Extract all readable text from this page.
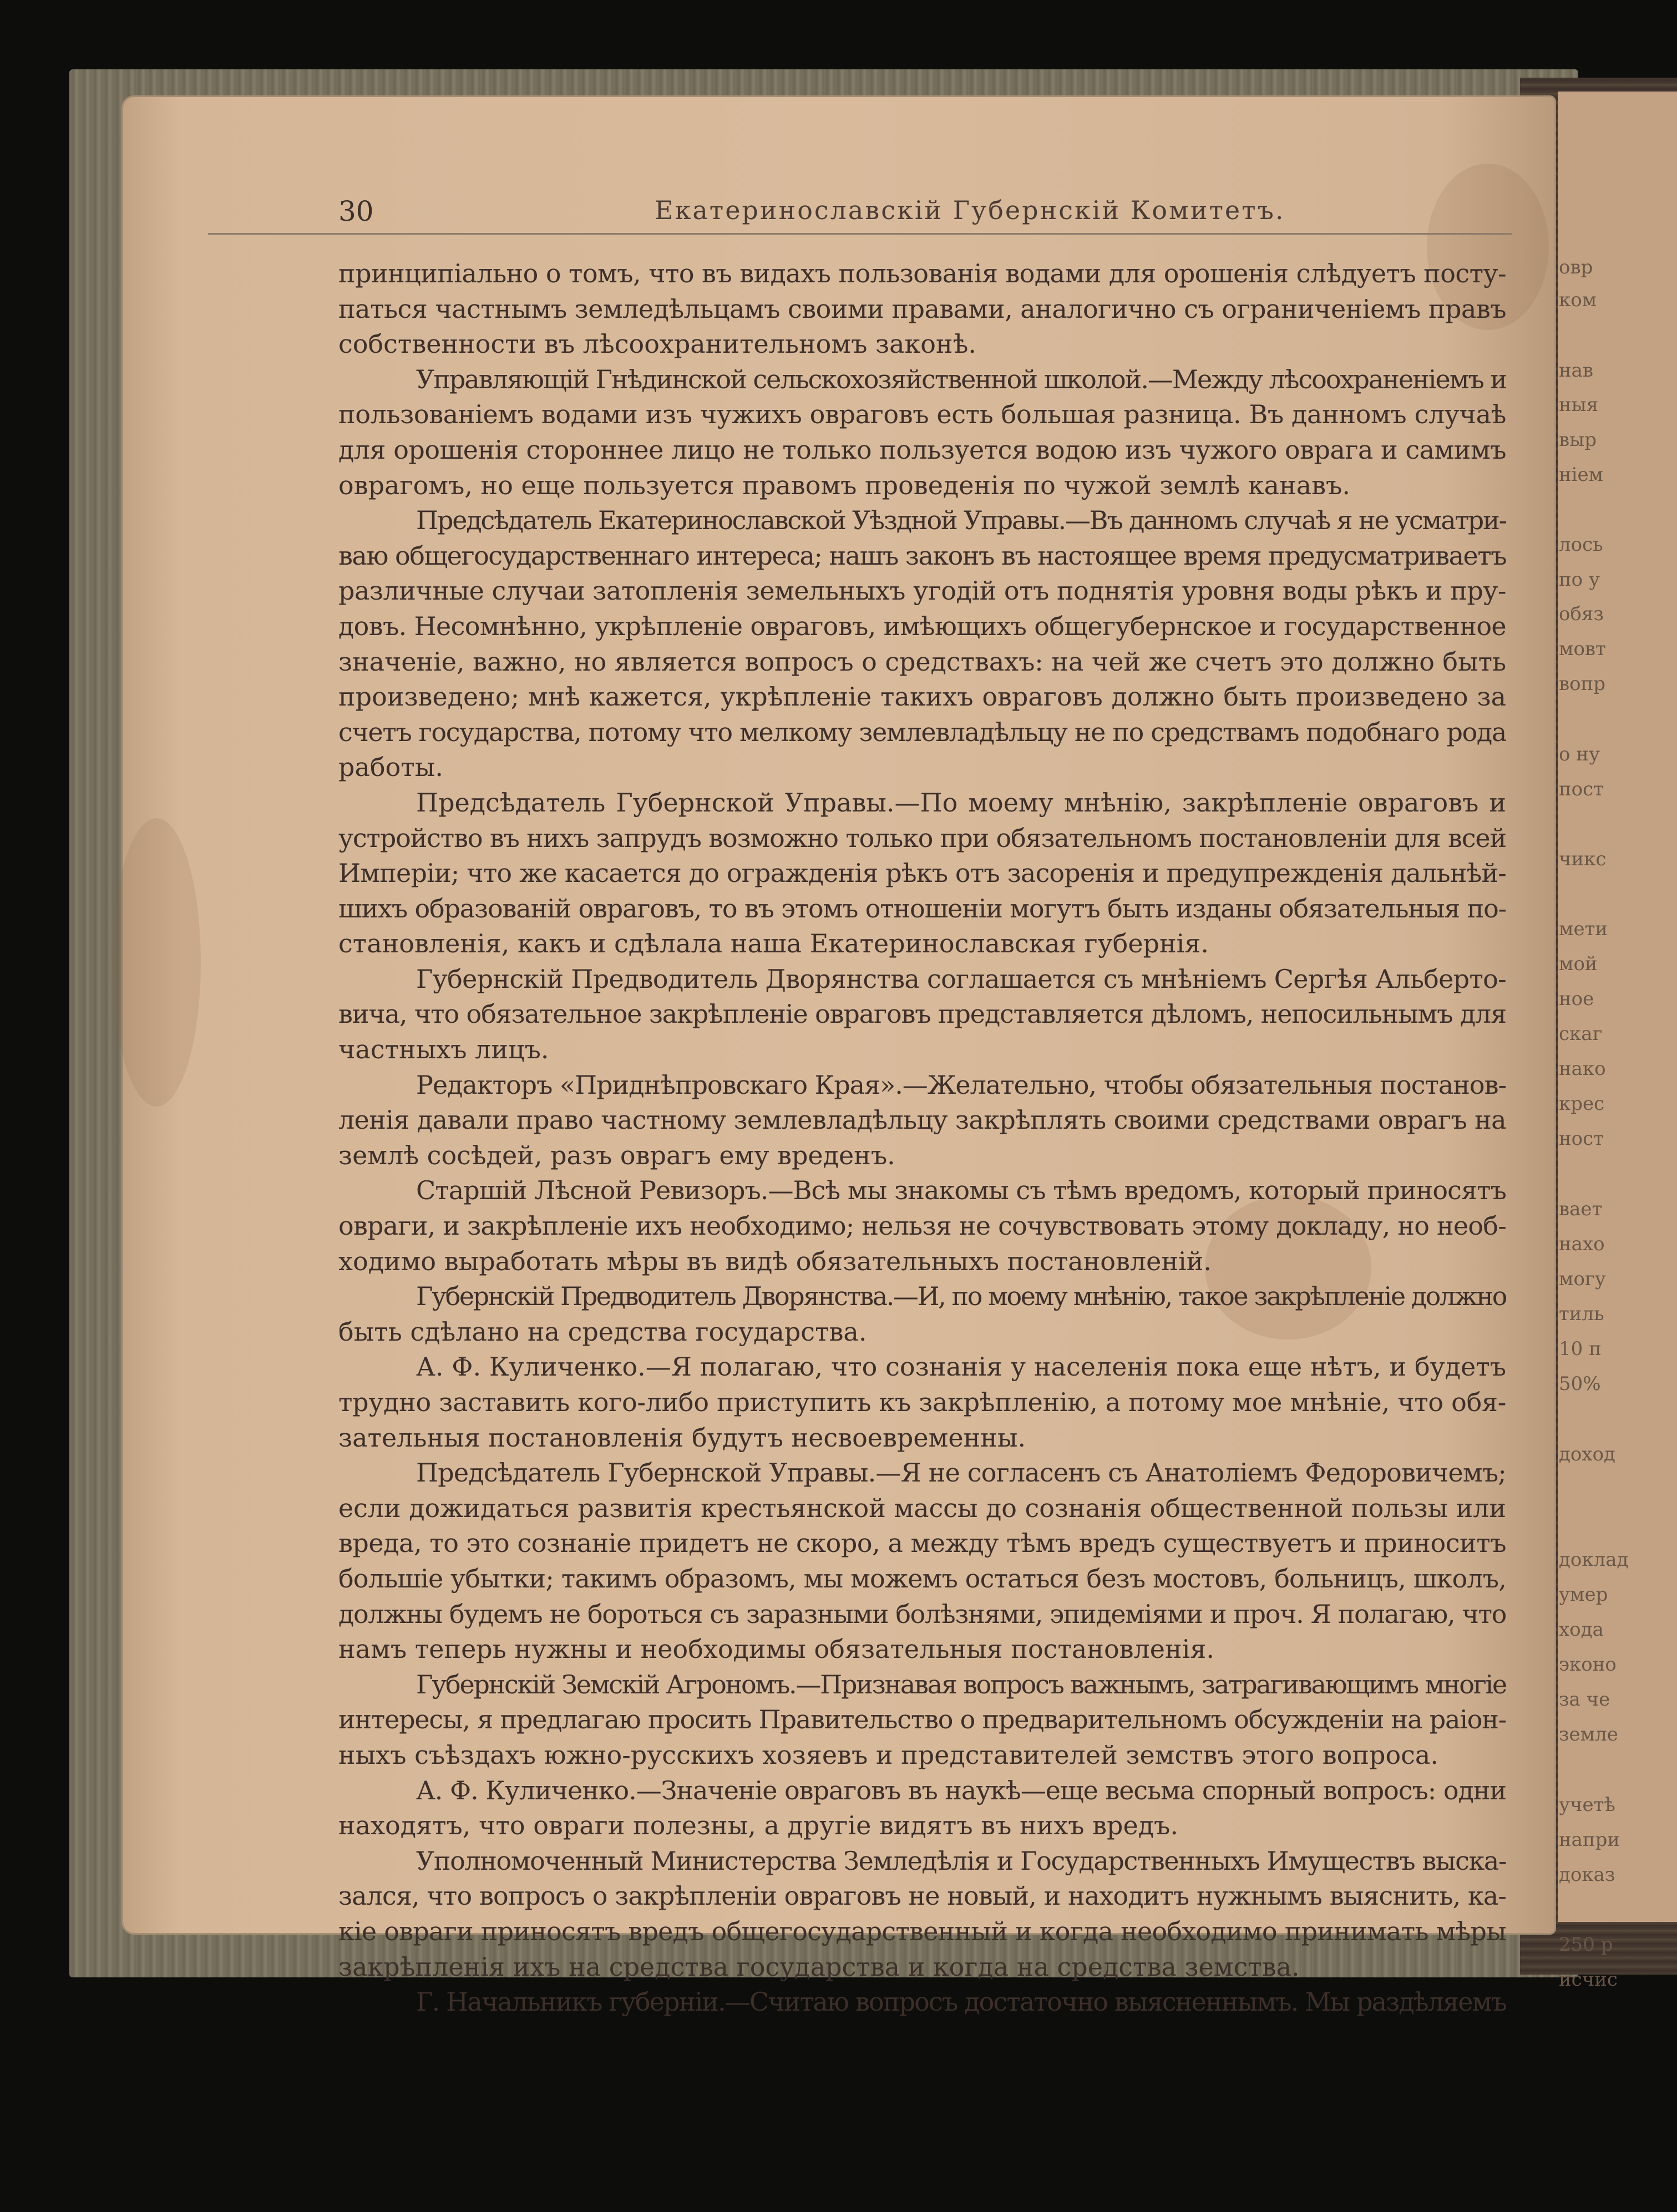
овр
ком
нав
ныя
выр
ніем
лось
по у
обяз
мовт
вопр
о ну
пост
чикс
мети
мой
ное
скаг
нако
крес
ност
вает
нахо
могу
тиль
10 п
50%
доход
доклад
умер
хода
эконо
за че
земле
учетѣ
напри
доказ
250 р
исчис
30	Екатеринославскій Губернскій Комитетъ.
принципіально о томъ, что въ видахъ пользованія водами для орошенія слѣдуетъ посту-
паться частнымъ земледѣльцамъ своими правами, аналогично съ ограниченіемъ правъ
собственности въ лѣсоохранительномъ законѣ.
Управляющій Гнѣдинской сельскохозяйственной школой.—Между лѣсоохраненіемъ и
пользованіемъ водами изъ чужихъ овраговъ есть большая разница. Въ данномъ случаѣ
для орошенія стороннее лицо не только пользуется водою изъ чужого оврага и самимъ
оврагомъ, но еще пользуется правомъ проведенія по чужой землѣ канавъ.
Предсѣдатель Екатеринославской Уѣздной Управы.—Въ данномъ случаѣ я не усматри-
ваю общегосударственнаго интереса; нашъ законъ въ настоящее время предусматриваетъ
различные случаи затопленія земельныхъ угодій отъ поднятія уровня воды рѣкъ и пру-
довъ. Несомнѣнно, укрѣпленіе овраговъ, имѣющихъ общегубернское и государственное
значеніе, важно, но является вопросъ о средствахъ: на чей же счетъ это должно быть
произведено; мнѣ кажется, укрѣпленіе такихъ овраговъ должно быть произведено за
счетъ государства, потому что мелкому землевладѣльцу не по средствамъ подобнаго рода
работы.
Предсѣдатель Губернской Управы.—По моему мнѣнію, закрѣпленіе овраговъ и
устройство въ нихъ запрудъ возможно только при обязательномъ постановленіи для всей
Имперіи; что же касается до огражденія рѣкъ отъ засоренія и предупрежденія дальнѣй-
шихъ образованій овраговъ, то въ этомъ отношеніи могутъ быть изданы обязательныя по-
становленія, какъ и сдѣлала наша Екатеринославская губернія.
Губернскій Предводитель Дворянства соглашается съ мнѣніемъ Сергѣя Альберто-
вича, что обязательное закрѣпленіе овраговъ представляется дѣломъ, непосильнымъ для
частныхъ лицъ.
Редакторъ «Приднѣпровскаго Края».—Желательно, чтобы обязательныя постанов-
ленія давали право частному землевладѣльцу закрѣплять своими средствами оврагъ на
землѣ сосѣдей, разъ оврагъ ему вреденъ.
Старшій Лѣсной Ревизоръ.—Всѣ мы знакомы съ тѣмъ вредомъ, который приносятъ
овраги, и закрѣпленіе ихъ необходимо; нельзя не сочувствовать этому докладу, но необ-
ходимо выработать мѣры въ видѣ обязательныхъ постановленій.
Губернскій Предводитель Дворянства.—И, по моему мнѣнію, такое закрѣпленіе должно
быть сдѣлано на средства государства.
А. Ф. Куличенко.—Я полагаю, что сознанія у населенія пока еще нѣтъ, и будетъ
трудно заставить кого-либо приступить къ закрѣпленію, а потому мое мнѣніе, что обя-
зательныя постановленія будутъ несвоевременны.
Предсѣдатель Губернской Управы.—Я не согласенъ съ Анатоліемъ Федоровичемъ;
если дожидаться развитія крестьянской массы до сознанія общественной пользы или
вреда, то это сознаніе придетъ не скоро, а между тѣмъ вредъ существуетъ и приноситъ
большіе убытки; такимъ образомъ, мы можемъ остаться безъ мостовъ, больницъ, школъ,
должны будемъ не бороться съ заразными болѣзнями, эпидеміями и проч. Я полагаю, что
намъ теперь нужны и необходимы обязательныя постановленія.
Губернскій Земскій Агрономъ.—Признавая вопросъ важнымъ, затрагивающимъ многіе
интересы, я предлагаю просить Правительство о предварительномъ обсужденіи на раіон-
ныхъ съѣздахъ южно-русскихъ хозяевъ и представителей земствъ этого вопроса.
А. Ф. Куличенко.—Значеніе овраговъ въ наукѣ—еще весьма спорный вопросъ: одни
находятъ, что овраги полезны, а другіе видятъ въ нихъ вредъ.
Уполномоченный Министерства Земледѣлія и Государственныхъ Имуществъ выска-
зался, что вопросъ о закрѣпленіи овраговъ не новый, и находитъ нужнымъ выяснить, ка-
кіе овраги приносятъ вредъ общегосударственный и когда необходимо принимать мѣры
закрѣпленія ихъ на средства государства и когда на средства земства.
Г. Начальникъ губерніи.—Считаю вопросъ достаточно выясненнымъ. Мы раздѣляемъ
